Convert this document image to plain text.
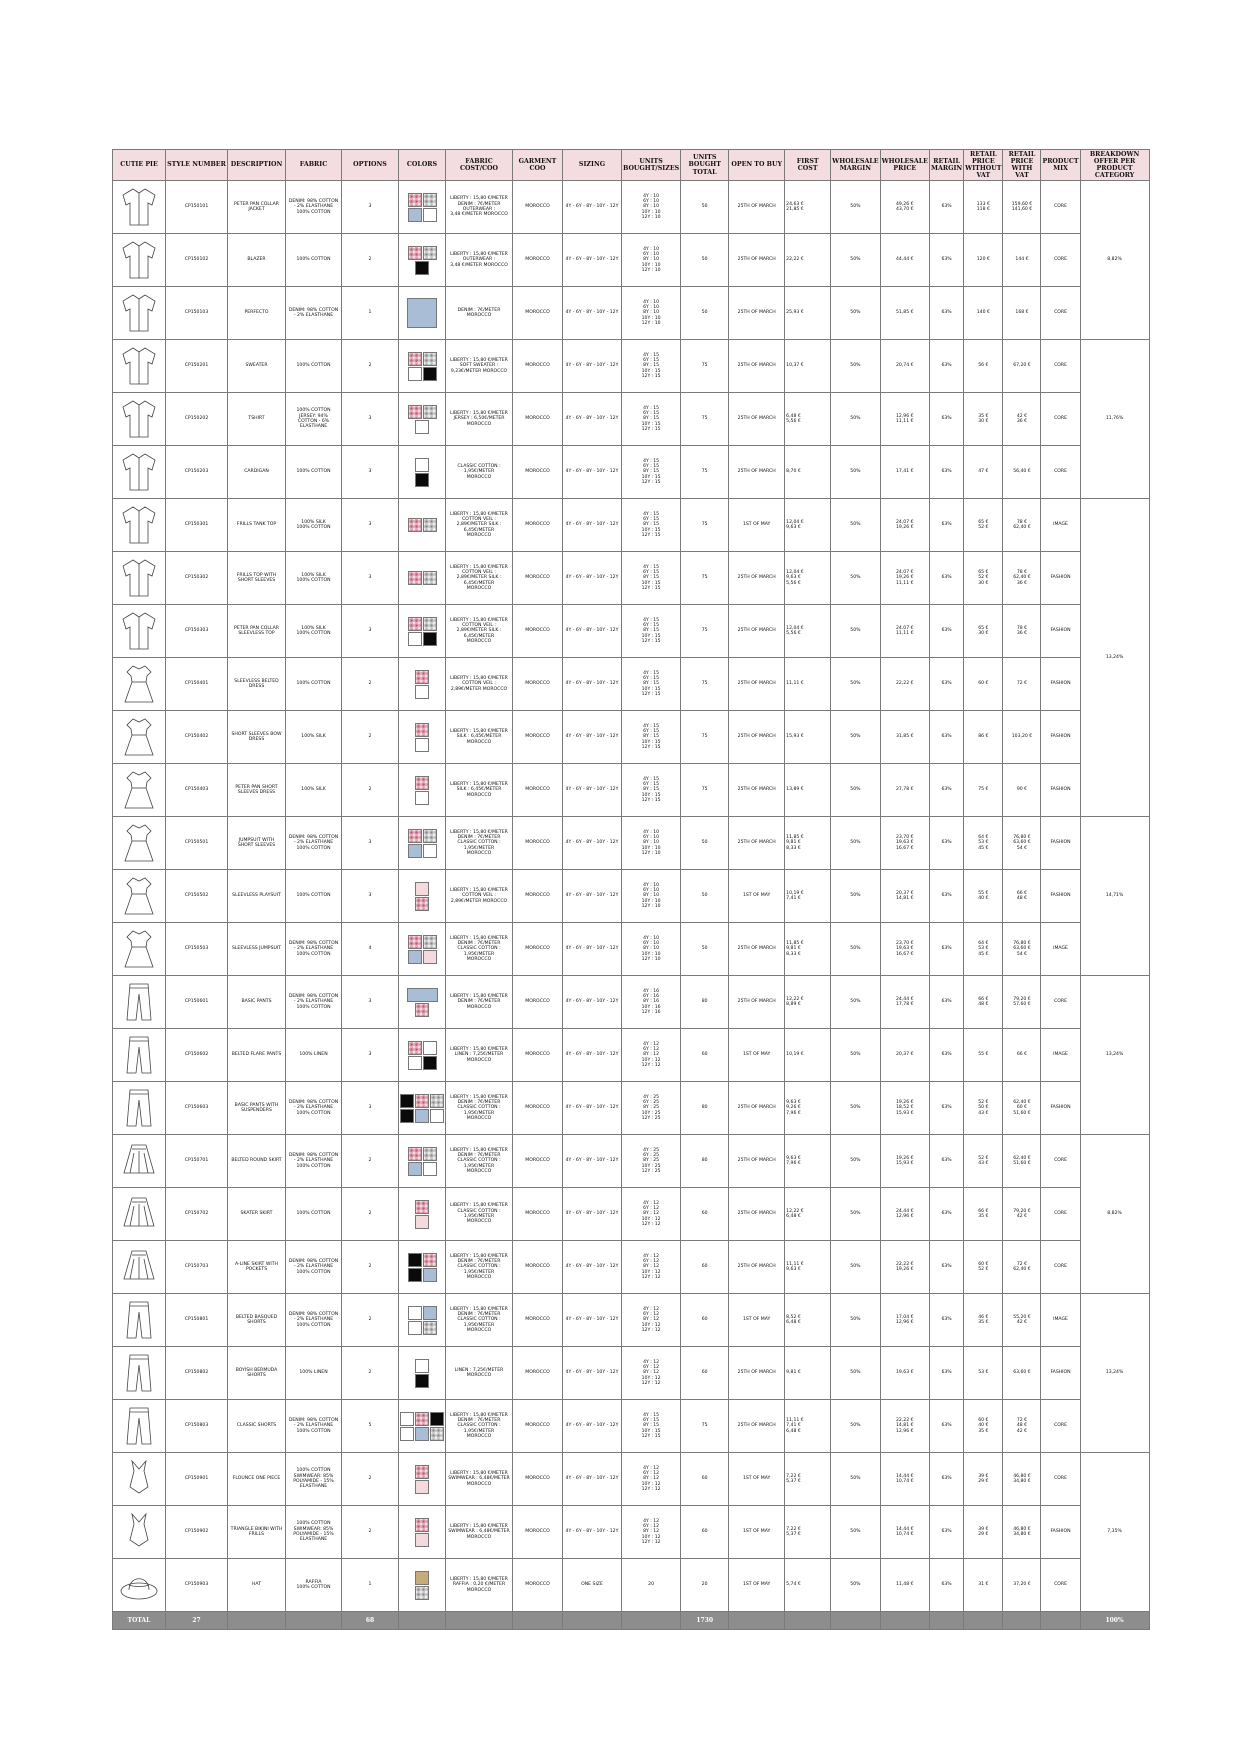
CUTIE PIE	STYLE NUMBER	DESCRIPTION	FABRIC	OPTIONS	COLORS	FABRIC COST/COO	GARMENT COO	SIZING	UNITS BOUGHT/SIZES	UNITS BOUGHT TOTAL	OPEN TO BUY	FIRST COST	WHOLESALE MARGIN	WHOLESALE PRICE	RETAIL MARGIN	RETAIL PRICE WITHOUT VAT	RETAIL PRICE WITH VAT	PRODUCT MIX	BREAKDOWN OFFER PER PRODUCT CATEGORY

	CP150101	PETER PAN COLLAR
JACKET	DENIM: 98% COTTON
- 2% ELASTHANE
100% COTTON	3		LIBERTY : 15,80 €/METER
DENIM : 7€/METER
OUTERWEAR :
3,48 €/METER MOROCCO	MOROCCO	4Y - 6Y - 8Y - 10Y - 12Y	4Y : 10
6Y : 10
8Y : 10
10Y : 10
12Y : 10	50	25TH OF MARCH	24,63 €
21,85 €	50%	49,26 €
43,70 €	63%	133 €
118 €	159,60 €
141,60 €	CORE	8,82%

	CP150102	BLAZER	100% COTTON	2		LIBERTY : 15,80 €/METER
OUTERWEAR :
3,48 €/METER MOROCCO	MOROCCO	4Y - 6Y - 8Y - 10Y - 12Y	4Y : 10
6Y : 10
8Y : 10
10Y : 10
12Y : 10	50	25TH OF MARCH	22,22 €	50%	44,44 €	63%	120 €	144 €	CORE	

	CP150103	PERFECTO	DENIM: 98% COTTON
- 2% ELASTHANE	1		DENIM : 7€/METER
MOROCCO	MOROCCO	4Y - 6Y - 8Y - 10Y - 12Y	4Y : 10
6Y : 10
8Y : 10
10Y : 10
12Y : 10	50	25TH OF MARCH	25,93 €	50%	51,85 €	63%	140 €	168 €	CORE	

	CP150201	SWEATER	100% COTTON	2		LIBERTY : 15,80 €/METER
SOFT SWEATER :
9,23€/METER MOROCCO	MOROCCO	4Y - 6Y - 8Y - 10Y - 12Y	4Y : 15
6Y : 15
8Y : 15
10Y : 15
12Y : 15	75	25TH OF MARCH	10,37 €	50%	20,74 €	63%	56 €	67,20 €	CORE	11,76%

	CP150202	TSHIRT	100% COTTON
JERSEY: 94%
COTTON - 6%
ELASTHANE	3		LIBERTY : 15,80 €/METER
JERSEY : 6,50€/METER
MOROCCO	MOROCCO	4Y - 6Y - 8Y - 10Y - 12Y	4Y : 15
6Y : 15
8Y : 15
10Y : 15
12Y : 15	75	25TH OF MARCH	6,48 €
5,56 €	50%	12,96 €
11,11 €	63%	35 €
30 €	42 €
36 €	CORE	

	CP150203	CARDIGAN	100% COTTON	3		CLASSIC COTTON :
1,95€/METER
MOROCCO	MOROCCO	4Y - 6Y - 8Y - 10Y - 12Y	4Y : 15
6Y : 15
8Y : 15
10Y : 15
12Y : 15	75	25TH OF MARCH	8,70 €	50%	17,41 €	63%	47 €	56,40 €	CORE	

	CP150301	FRILLS TANK TOP	100% SILK
100% COTTON	3		LIBERTY : 15,80 €/METER
COTTON VEIL :
2,89€/METER SILK :
6,45€/METER
MOROCCO	MOROCCO	4Y - 6Y - 8Y - 10Y - 12Y	4Y : 15
6Y : 15
8Y : 15
10Y : 15
12Y : 15	75	1ST OF MAY	12,04 €
9,63 €	50%	24,07 €
19,26 €	63%	65 €
52 €	78 €
62,40 €	IMAGE	13,24%

	CP150302	FRILLS TOP WITH
SHORT SLEEVES	100% SILK
100% COTTON	3		LIBERTY : 15,80 €/METER
COTTON VEIL :
2,89€/METER SILK :
6,45€/METER
MOROCCO	MOROCCO	4Y - 6Y - 8Y - 10Y - 12Y	4Y : 15
6Y : 15
8Y : 15
10Y : 15
12Y : 15	75	25TH OF MARCH	12,04 €
9,63 €
5,56 €	50%	24,07 €
19,26 €
11,11 €	63%	65 €
52 €
30 €	78 €
62,40 €
36 €	FASHION	

	CP150303	PETER PAN COLLAR
SLEEVLESS TOP	100% SILK
100% COTTON	3		LIBERTY : 15,80 €/METER
COTTON VEIL :
2,89€/METER SILK :
6,45€/METER
MOROCCO	MOROCCO	4Y - 6Y - 8Y - 10Y - 12Y	4Y : 15
6Y : 15
8Y : 15
10Y : 15
12Y : 15	75	25TH OF MARCH	12,04 €
5,56 €	50%	24,07 €
11,11 €	63%	65 €
30 €	78 €
36 €	FASHION	

	CP150401	SLEEVLESS BELTED
DRESS	100% COTTON	2		LIBERTY : 15,80 €/METER
COTTON VEIL :
2,89€/METER MOROCCO	MOROCCO	4Y - 6Y - 8Y - 10Y - 12Y	4Y : 15
6Y : 15
8Y : 15
10Y : 15
12Y : 15	75	25TH OF MARCH	11,11 €	50%	22,22 €	63%	60 €	72 €	FASHION	

	CP150402	SHORT SLEEVES BOW
DRESS	100% SILK	2		LIBERTY : 15,80 €/METER
SILK : 6,45€/METER
MOROCCO	MOROCCO	4Y - 6Y - 8Y - 10Y - 12Y	4Y : 15
6Y : 15
8Y : 15
10Y : 15
12Y : 15	75	25TH OF MARCH	15,93 €	50%	31,85 €	63%	86 €	103,20 €	FASHION	

	CP150403	PETER PAN SHORT
SLEEVES DRESS	100% SILK	2		LIBERTY : 15,80 €/METER
SILK : 6,45€/METER
MOROCCO	MOROCCO	4Y - 6Y - 8Y - 10Y - 12Y	4Y : 15
6Y : 15
8Y : 15
10Y : 15
12Y : 15	75	25TH OF MARCH	13,89 €	50%	27,78 €	63%	75 €	90 €	FASHION	

	CP150501	JUMPSUIT WITH
SHORT SLEEVES	DENIM: 98% COTTON
- 2% ELASTHANE
100% COTTON	3		LIBERTY : 15,80 €/METER
DENIM : 7€/METER
CLASSIC COTTON :
1,95€/METER
MOROCCO	MOROCCO	4Y - 6Y - 8Y - 10Y - 12Y	4Y : 10
6Y : 10
8Y : 10
10Y : 10
12Y : 10	50	25TH OF MARCH	11,85 €
9,81 €
8,33 €	50%	23,70 €
19,63 €
16,67 €	63%	64 €
53 €
45 €	76,80 €
63,60 €
54 €	FASHION	14,71%

	CP150502	SLEEVLESS PLAYSUIT	100% COTTON	3		LIBERTY : 15,80 €/METER
COTTON VEIL :
2,89€/METER MOROCCO	MOROCCO	4Y - 6Y - 8Y - 10Y - 12Y	4Y : 10
6Y : 10
8Y : 10
10Y : 10
12Y : 10	50	1ST OF MAY	10,19 €
7,41 €	50%	20,37 €
14,81 €	63%	55 €
40 €	66 €
48 €	FASHION	

	CP150503	SLEEVLESS JUMPSUIT	DENIM: 98% COTTON
- 2% ELASTHANE
100% COTTON	4		LIBERTY : 15,80 €/METER
DENIM : 7€/METER
CLASSIC COTTON :
1,95€/METER
MOROCCO	MOROCCO	4Y - 6Y - 8Y - 10Y - 12Y	4Y : 10
6Y : 10
8Y : 10
10Y : 10
12Y : 10	50	25TH OF MARCH	11,85 €
9,81 €
8,33 €	50%	23,70 €
19,63 €
16,67 €	63%	64 €
53 €
45 €	76,80 €
63,60 €
54 €	IMAGE	

	CP150601	BASIC PANTS	DENIM: 98% COTTON
- 2% ELASTHANE
100% COTTON	3		LIBERTY : 15,80 €/METER
DENIM : 7€/METER
MOROCCO	MOROCCO	4Y - 6Y - 8Y - 10Y - 12Y	4Y : 16
6Y : 16
8Y : 16
10Y : 16
12Y : 16	80	25TH OF MARCH	12,22 €
8,89 €	50%	24,44 €
17,78 €	63%	66 €
48 €	79,20 €
57,60 €	CORE	13,24%

	CP150602	BELTED FLARE PANTS	100% LINEN	3		LIBERTY : 15,80 €/METER
LINEN : 7,25€/METER
MOROCCO	MOROCCO	4Y - 6Y - 8Y - 10Y - 12Y	4Y : 12
6Y : 12
8Y : 12
10Y : 12
12Y : 12	60	1ST OF MAY	10,19 €	50%	20,37 €	63%	55 €	66 €	IMAGE	

	CP150603	BASIC PANTS WITH
SUSPENDERS	DENIM: 98% COTTON
- 2% ELASTHANE
100% COTTON	3		LIBERTY : 15,80 €/METER
DENIM : 7€/METER
CLASSIC COTTON :
1,95€/METER
MOROCCO	MOROCCO	4Y - 6Y - 8Y - 10Y - 12Y	4Y : 25
6Y : 25
8Y : 25
10Y : 25
12Y : 25	80	25TH OF MARCH	9,63 €
9,26 €
7,96 €	50%	19,26 €
18,52 €
15,93 €	63%	52 €
50 €
43 €	62,40 €
60 €
51,60 €	FASHION	

	CP150701	BELTED ROUND SKIRT	DENIM: 98% COTTON
- 2% ELASTHANE
100% COTTON	2		LIBERTY : 15,80 €/METER
DENIM : 7€/METER
CLASSIC COTTON :
1,95€/METER
MOROCCO	MOROCCO	4Y - 6Y - 8Y - 10Y - 12Y	4Y : 25
6Y : 25
8Y : 25
10Y : 25
12Y : 25	80	25TH OF MARCH	9,63 €
7,96 €	50%	19,26 €
15,93 €	63%	52 €
43 €	62,40 €
51,60 €	CORE	8,82%

	CP150702	SKATER SKIRT	100% COTTON	2		LIBERTY : 15,80 €/METER
CLASSIC COTTON :
1,95€/METER
MOROCCO	MOROCCO	4Y - 6Y - 8Y - 10Y - 12Y	4Y : 12
6Y : 12
8Y : 12
10Y : 12
12Y : 12	60	25TH OF MARCH	12,22 €
6,48 €	50%	24,44 €
12,96 €	63%	66 €
35 €	79,20 €
42 €	CORE	

	CP150703	A-LINE SKIRT WITH
POCKETS	DENIM: 98% COTTON
- 2% ELASTHANE
100% COTTON	2		LIBERTY : 15,80 €/METER
DENIM : 7€/METER
CLASSIC COTTON :
1,95€/METER
MOROCCO	MOROCCO	4Y - 6Y - 8Y - 10Y - 12Y	4Y : 12
6Y : 12
8Y : 12
10Y : 12
12Y : 12	60	25TH OF MARCH	11,11 €
9,63 €	50%	22,22 €
19,26 €	63%	60 €
52 €	72 €
62,40 €	CORE	

	CP150801	BELTED BASQUED
SHORTS	DENIM: 98% COTTON
- 2% ELASTHANE
100% COTTON	2		LIBERTY : 15,80 €/METER
DENIM : 7€/METER
CLASSIC COTTON :
1,95€/METER
MOROCCO	MOROCCO	4Y - 6Y - 8Y - 10Y - 12Y	4Y : 12
6Y : 12
8Y : 12
10Y : 12
12Y : 12	60	1ST OF MAY	8,52 €
6,48 €	50%	17,04 €
12,96 €	63%	46 €
35 €	55,20 €
42 €	IMAGE	13,24%

	CP150802	BOYISH BERMUDA
SHORTS	100% LINEN	2		LINEN : 7,25€/METER
MOROCCO	MOROCCO	4Y - 6Y - 8Y - 10Y - 12Y	4Y : 12
6Y : 12
8Y : 12
10Y : 12
12Y : 12	60	25TH OF MARCH	9,81 €	50%	19,63 €	63%	53 €	63,60 €	FASHION	

	CP150803	CLASSIC SHORTS	DENIM: 98% COTTON
- 2% ELASTHANE
100% COTTON	5		LIBERTY : 15,80 €/METER
DENIM : 7€/METER
CLASSIC COTTON :
1,95€/METER
MOROCCO	MOROCCO	4Y - 6Y - 8Y - 10Y - 12Y	4Y : 15
6Y : 15
8Y : 15
10Y : 15
12Y : 15	75	25TH OF MARCH	11,11 €
7,41 €
6,48 €	50%	22,22 €
14,81 €
12,96 €	63%	60 €
40 €
35 €	72 €
48 €
42 €	CORE	

	CP150901	FLOUNCE ONE PIECE	100% COTTON
SWIMWEAR: 85%
POLYAMIDE - 15%
ELASTHANE	2		LIBERTY : 15,80 €/METER
SWIMWEAR : 6,48€/METER
MOROCCO	MOROCCO	4Y - 6Y - 8Y - 10Y - 12Y	4Y : 12
6Y : 12
8Y : 12
10Y : 12
12Y : 12	60	1ST OF MAY	7,22 €
5,37 €	50%	14,44 €
10,74 €	63%	39 €
29 €	46,80 €
34,80 €	CORE	7,35%

	CP150902	TRIANGLE BIKINI WITH
FRILLS	100% COTTON
SWIMWEAR: 85%
POLYAMIDE - 15%
ELASTHANE	2		LIBERTY : 15,80 €/METER
SWIMWEAR : 6,48€/METER
MOROCCO	MOROCCO	4Y - 6Y - 8Y - 10Y - 12Y	4Y : 12
6Y : 12
8Y : 12
10Y : 12
12Y : 12	60	1ST OF MAY	7,22 €
5,37 €	50%	14,44 €
10,74 €	63%	39 €
29 €	46,80 €
34,80 €	FASHION	

	CP150903	HAT	RAFFIA
100% COTTON	1		LIBERTY : 15,80 €/METER
RAFFIA : 0,20 €/METER
MOROCCO	MOROCCO	ONE SIZE	20	20	1ST OF MAY	5,74 €	50%	11,48 €	63%	31 €	37,20 €	CORE	
TOTAL	27			68						1730									100%
